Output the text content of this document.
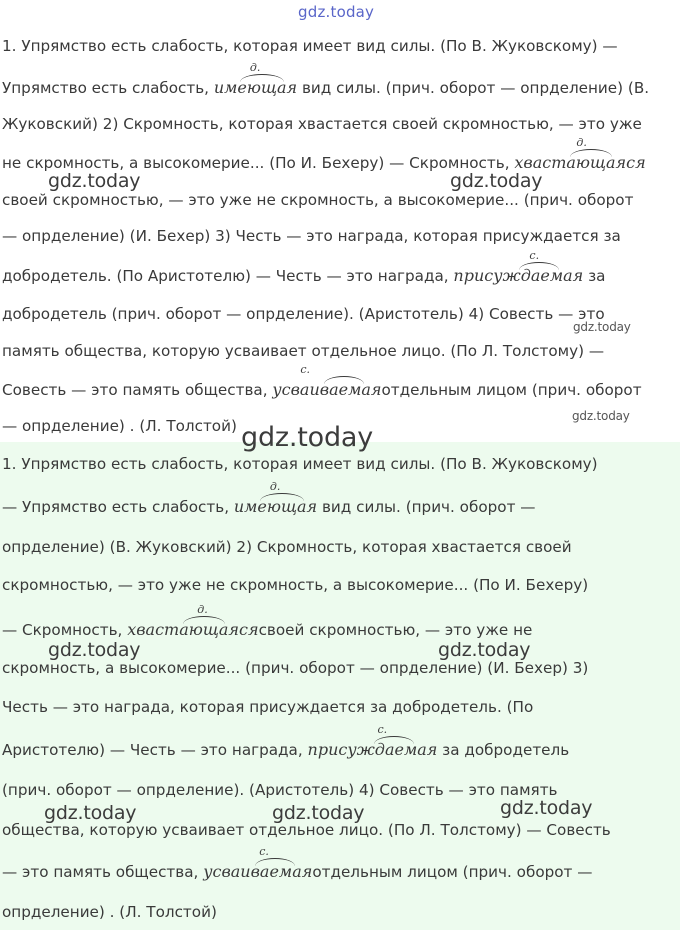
gdz.today
1. Упрямство есть слабость, которая имеет вид силы. (По В. Жуковскому) —
Упрямство есть слабость, имеющая
д.
вид силы. (прич. оборот — опрделение) (В.
Жуковский) 2) Скромность, которая хвастается своей скромностью, — это уже
не скромность, а высокомерие... (По И. Бехеру) — Скромность, хвастающаяся
д.
своей скромностью, — это уже не скромность, а высокомерие... (прич. оборот
— опрделение) (И. Бехер) 3) Честь — это награда, которая присуждается за
добродетель. (По Аристотелю) — Честь — это награда, присуждаемая
с.
за
добродетель (прич. оборот — опрделение). (Аристотель) 4) Совесть — это
память общества, которую усваивает отдельное лицо. (По Л. Толстому) —
Совесть — это память общества, усваиваемая
с.
отдельным лицом (прич. оборот
— опрделение) . (Л. Толстой)
1. Упрямство есть слабость, которая имеет вид силы. (По В. Жуковскому)
— Упрямство есть слабость, имеющая
д.
вид силы. (прич. оборот —
опрделение) (В. Жуковский) 2) Скромность, которая хвастается своей
скромностью, — это уже не скромность, а высокомерие... (По И. Бехеру)
— Скромность, хвастающаяся
д.
своей скромностью, — это уже не
скромность, а высокомерие... (прич. оборот — опрделение) (И. Бехер) 3)
Честь — это награда, которая присуждается за добродетель. (По
Аристотелю) — Честь — это награда, присуждаемая
с.
за добродетель
(прич. оборот — опрделение). (Аристотель) 4) Совесть — это память
общества, которую усваивает отдельное лицо. (По Л. Толстому) — Совесть
— это память общества, усваиваемая
с.
отдельным лицом (прич. оборот —
опрделение) . (Л. Толстой)
gdz.today	gdz.today
gdz.today
gdz.today
gdz.today
gdz.today	gdz.today
gdz.today	gdz.today	gdz.today
